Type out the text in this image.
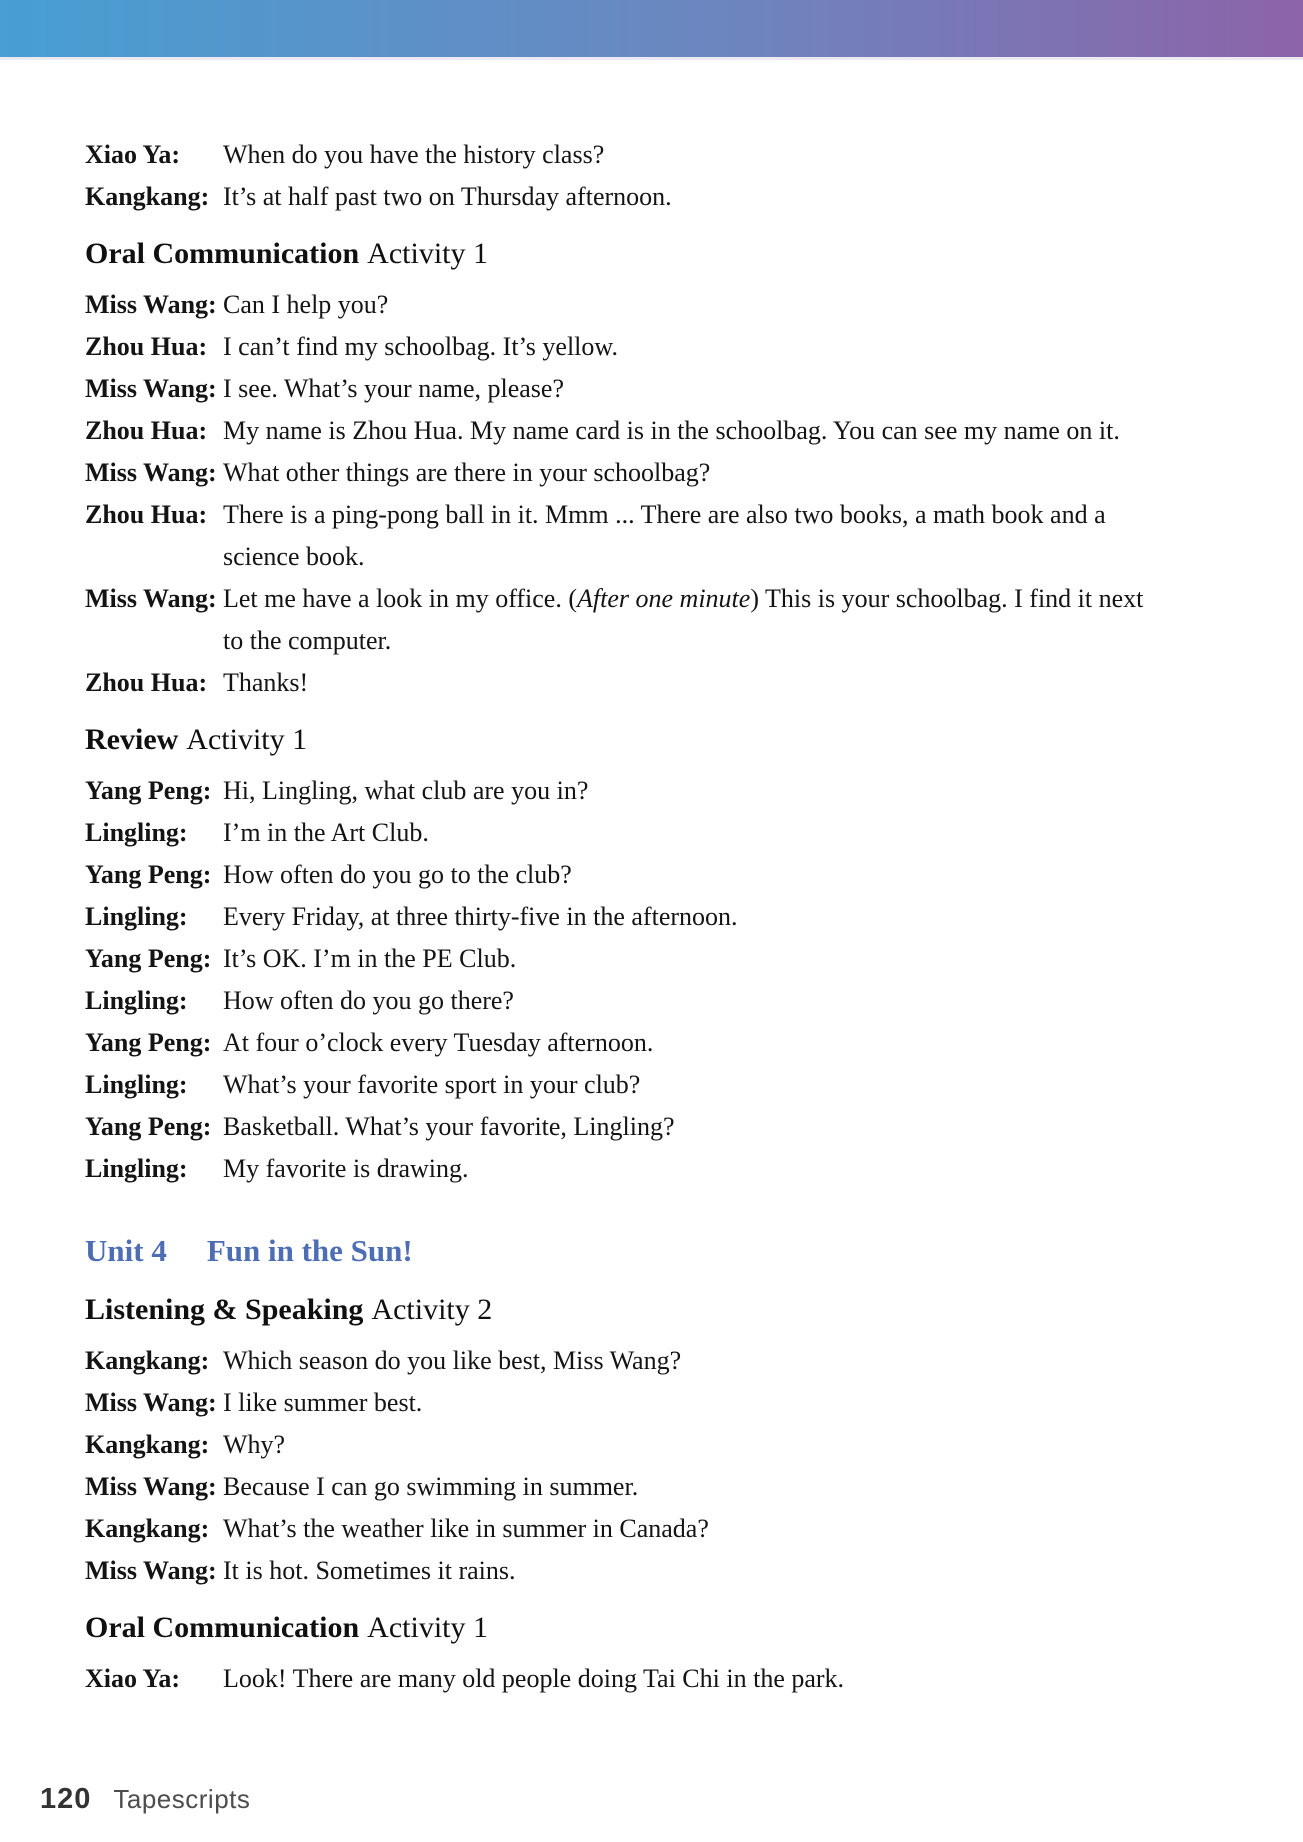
Xiao Ya:	When do you have the history class?
Kangkang: It’s at half past two on Thursday afternoon.
Oral Communication Activity 1
Miss Wang: Can I help you?
Zhou Hua: I can’t find my schoolbag. It’s yellow.
Miss Wang: I see. What’s your name, please?
Zhou Hua: My name is Zhou Hua. My name card is in the schoolbag. You can see my name on it.
Miss Wang: What other things are there in your schoolbag?
Zhou Hua: There is a ping-pong ball in it. Mmm ... There are also two books, a math book and a
science book.
Miss Wang: Let me have a look in my office. (After one minute) This is your schoolbag. I find it next
to the computer.
Zhou Hua: Thanks!
Review Activity 1
Yang Peng: Hi, Lingling, what club are you in?
Lingling:	I’m in the Art Club.
Yang Peng: How often do you go to the club?
Lingling:	Every Friday, at three thirty-five in the afternoon.
Yang Peng: It’s OK. I’m in the PE Club.
Lingling:	How often do you go there?
Yang Peng: At four o’clock every Tuesday afternoon.
Lingling:	What’s your favorite sport in your club?
Yang Peng: Basketball. What’s your favorite, Lingling?
Lingling:	My favorite is drawing.
Unit 4 Fun in the Sun!
Listening & Speaking Activity 2
Kangkang: Which season do you like best, Miss Wang?
Miss Wang: I like summer best.
Kangkang: Why?
Miss Wang: Because I can go swimming in summer.
Kangkang: What’s the weather like in summer in Canada?
Miss Wang: It is hot. Sometimes it rains.
Oral Communication Activity 1
Xiao Ya:	Look! There are many old people doing Tai Chi in the park.
120 Tapescripts
